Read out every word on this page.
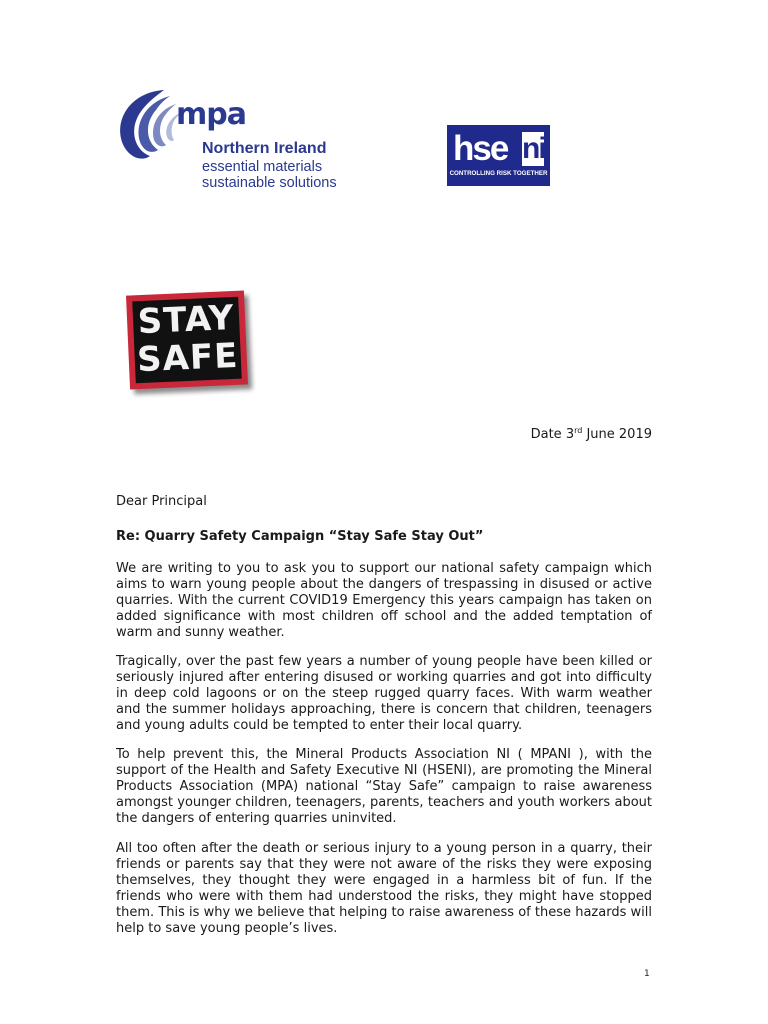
mpa
Northern Ireland
essential materials
sustainable solutions
hse ni
CONTROLLING RISK TOGETHER
STAY
SAFE
Date 3rd June 2019
Dear Principal
Re: Quarry Safety Campaign “Stay Safe Stay Out”

We are writing to you to ask you to support our national safety campaign which aims to warn young people about the dangers of trespassing in disused or active quarries. With the current COVID19 Emergency this years campaign has taken on added significance with most children off school and the added temptation of warm and sunny weather.

Tragically, over the past few years a number of young people have been killed or seriously injured after entering disused or working quarries and got into difficulty in deep cold lagoons or on the steep rugged quarry faces. With warm weather and the summer holidays approaching, there is concern that children, teenagers and young adults could be tempted to enter their local quarry.

To help prevent this, the Mineral Products Association NI ( MPANI ), with the support of the Health and Safety Executive NI (HSENI), are promoting the Mineral Products Association (MPA) national “Stay Safe” campaign to raise awareness amongst younger children, teenagers, parents, teachers and youth workers about the dangers of entering quarries uninvited.

All too often after the death or serious injury to a young person in a quarry, their friends or parents say that they were not aware of the risks they were exposing themselves, they thought they were engaged in a harmless bit of fun. If the friends who were with them had understood the risks, they might have stopped them. This is why we believe that helping to raise awareness of these hazards will help to save young people’s lives.

1
